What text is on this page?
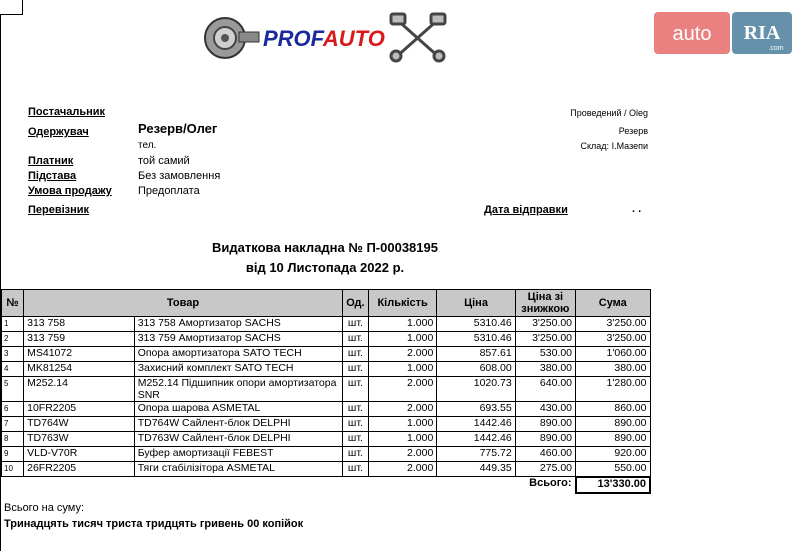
PROFAUTO	auto RIA
.com
Постачальник
Одержувач	Резерв/Олег
тел.
Платник	той самий
Підстава	Без замовлення
Умова продажу Предоплата
Перевізник	Дата відправки	. .
Проведений / Oleg
Резерв
Склад: І.Мазепи
Видаткова накладна № П-00038195
від 10 Листопада 2022 р.
№	Товар		Од.	Кількість	Ціна	Ціна зі знижкою	Сума
1	313 758	313 758 Амортизатор SACHS	шт.	1.000	5310.46	3'250.00	3'250.00
2	313 759	313 759 Амортизатор SACHS	шт.	1.000	5310.46	3'250.00	3'250.00
3	MS41072	Опора амортизатора SATO TECH	шт.	2.000	857.61	530.00	1'060.00
4	MK81254	Захисний комплект SATO TECH	шт.	1.000	608.00	380.00	380.00
5	M252.14	M252.14 Підшипник опори амортизатора SNR	шт.	2.000	1020.73	640.00	1'280.00
6	10FR2205	Опора шарова ASMETAL	шт.	2.000	693.55	430.00	860.00
7	TD764W	TD764W Сайлент-блок DELPHI	шт.	1.000	1442.46	890.00	890.00
8	TD763W	TD763W Сайлент-блок DELPHI	шт.	1.000	1442.46	890.00	890.00
9	VLD-V70R	Буфер амортизації FEBEST	шт.	2.000	775.72	460.00	920.00
10	26FR2205	Тяги стабілізітора ASMETAL	шт.	2.000	449.35	275.00	550.00
						Всього:	13'330.00
Всього на суму:
Тринадцять тисяч триста тридцять гривень 00 копійок
